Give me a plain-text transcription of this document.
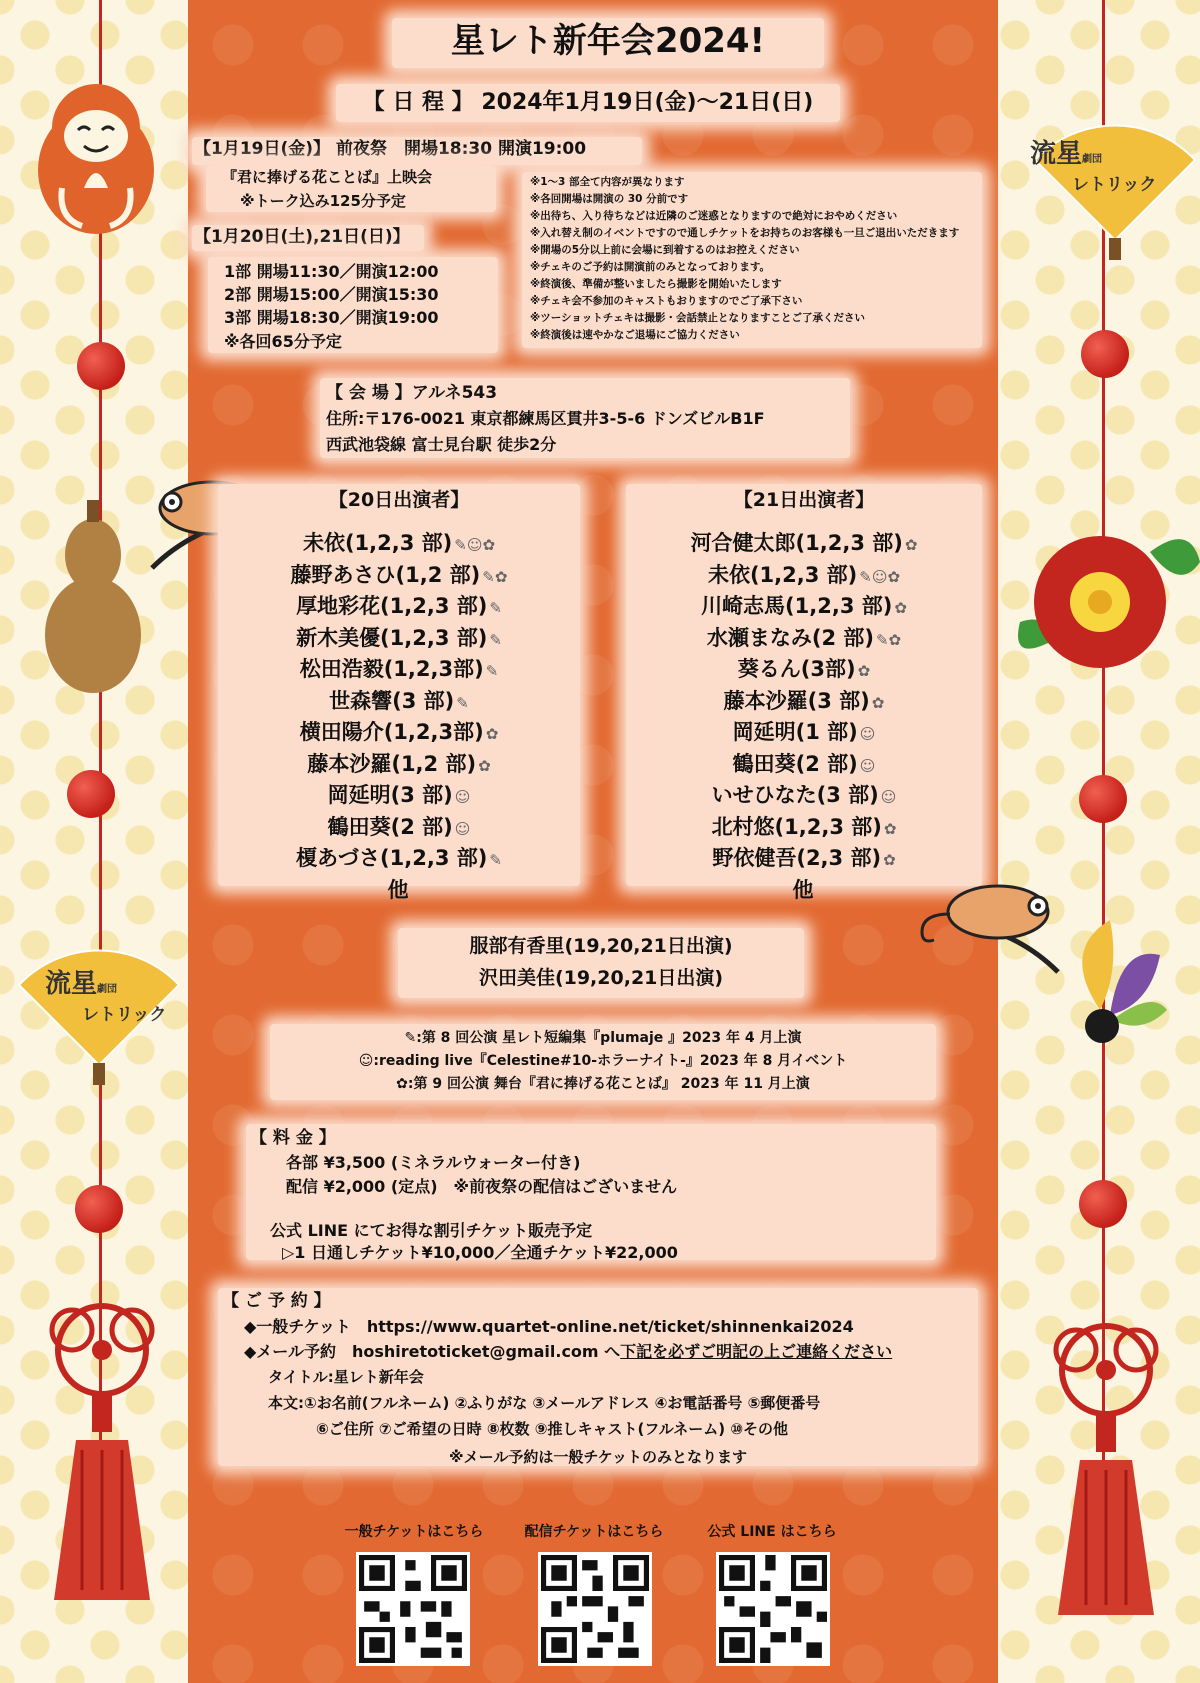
流星劇団
レトリック
流星劇団
レトリック
星レト新年会2024!
【 日 程 】 2024年1月19日(金)〜21日(日)
【1月19日(金)】 前夜祭　開場18:30 開演19:00
『君に捧げる花ことば』上映会
※トーク込み125分予定
【1月20日(土),21日(日)】
1部 開場11:30／開演12:00
2部 開場15:00／開演15:30
3部 開場18:30／開演19:00
※各回65分予定
※1〜3 部全て内容が異なります
※各回開場は開演の 30 分前です
※出待ち、入り待ちなどは近隣のご迷惑となりますので絶対におやめください
※入れ替え制のイベントですので通しチケットをお持ちのお客様も一旦ご退出いただきます
※開場の5分以上前に会場に到着するのはお控えください
※チェキのご予約は開演前のみとなっております。
※終演後、準備が整いましたら撮影を開始いたします
※チェキ会不参加のキャストもおりますのでご了承下さい
※ツーショットチェキは撮影・会話禁止となりますことご了承ください
※終演後は速やかなご退場にご協力ください
【 会 場 】アルネ543
住所:〒176-0021 東京都練馬区貫井3-5-6 ドンズビルB1F
西武池袋線 富士見台駅 徒歩2分
【20日出演者】
未依(1,2,3 部) ✎☺✿
藤野あさひ(1,2 部) ✎✿
厚地彩花(1,2,3 部) ✎
新木美優(1,2,3 部) ✎
松田浩毅(1,2,3部) ✎
世森響(3 部) ✎
横田陽介(1,2,3部) ✿
藤本沙羅(1,2 部) ✿
岡延明(3 部) ☺
鶴田葵(2 部) ☺
榎あづさ(1,2,3 部) ✎
他
【21日出演者】
河合健太郎(1,2,3 部) ✿
未依(1,2,3 部) ✎☺✿
川崎志馬(1,2,3 部) ✿
水瀬まなみ(2 部) ✎✿
葵るん(3部) ✿
藤本沙羅(3 部) ✿
岡延明(1 部) ☺
鶴田葵(2 部) ☺
いせひなた(3 部) ☺
北村悠(1,2,3 部) ✿
野依健吾(2,3 部) ✿
他
服部有香里(19,20,21日出演)
沢田美佳(19,20,21日出演)
✎:第 8 回公演 星レト短編集『plumaje 』2023 年 4 月上演
☺:reading live『Celestine#10-ホラーナイト-』2023 年 8 月イベント
✿:第 9 回公演 舞台『君に捧げる花ことば』 2023 年 11 月上演
【 料 金 】
各部 ¥3,500 (ミネラルウォーター付き)
配信 ¥2,000 (定点)　※前夜祭の配信はございません
公式 LINE にてお得な割引チケット販売予定
▷1 日通しチケット¥10,000／全通チケット¥22,000
【 ご 予 約 】
◆一般チケット　https://www.quartet-online.net/ticket/shinnenkai2024
◆メール予約　hoshiretoticket@gmail.com へ下記を必ずご明記の上ご連絡ください
タイトル:星レト新年会
本文:①お名前(フルネーム) ②ふりがな ③メールアドレス ④お電話番号 ⑤郵便番号
⑥ご住所 ⑦ご希望の日時 ⑧枚数 ⑨推しキャスト(フルネーム) ⑩その他
※メール予約は一般チケットのみとなります
一般チケットはこちら	配信チケットはこちら	公式 LINE はこちら
